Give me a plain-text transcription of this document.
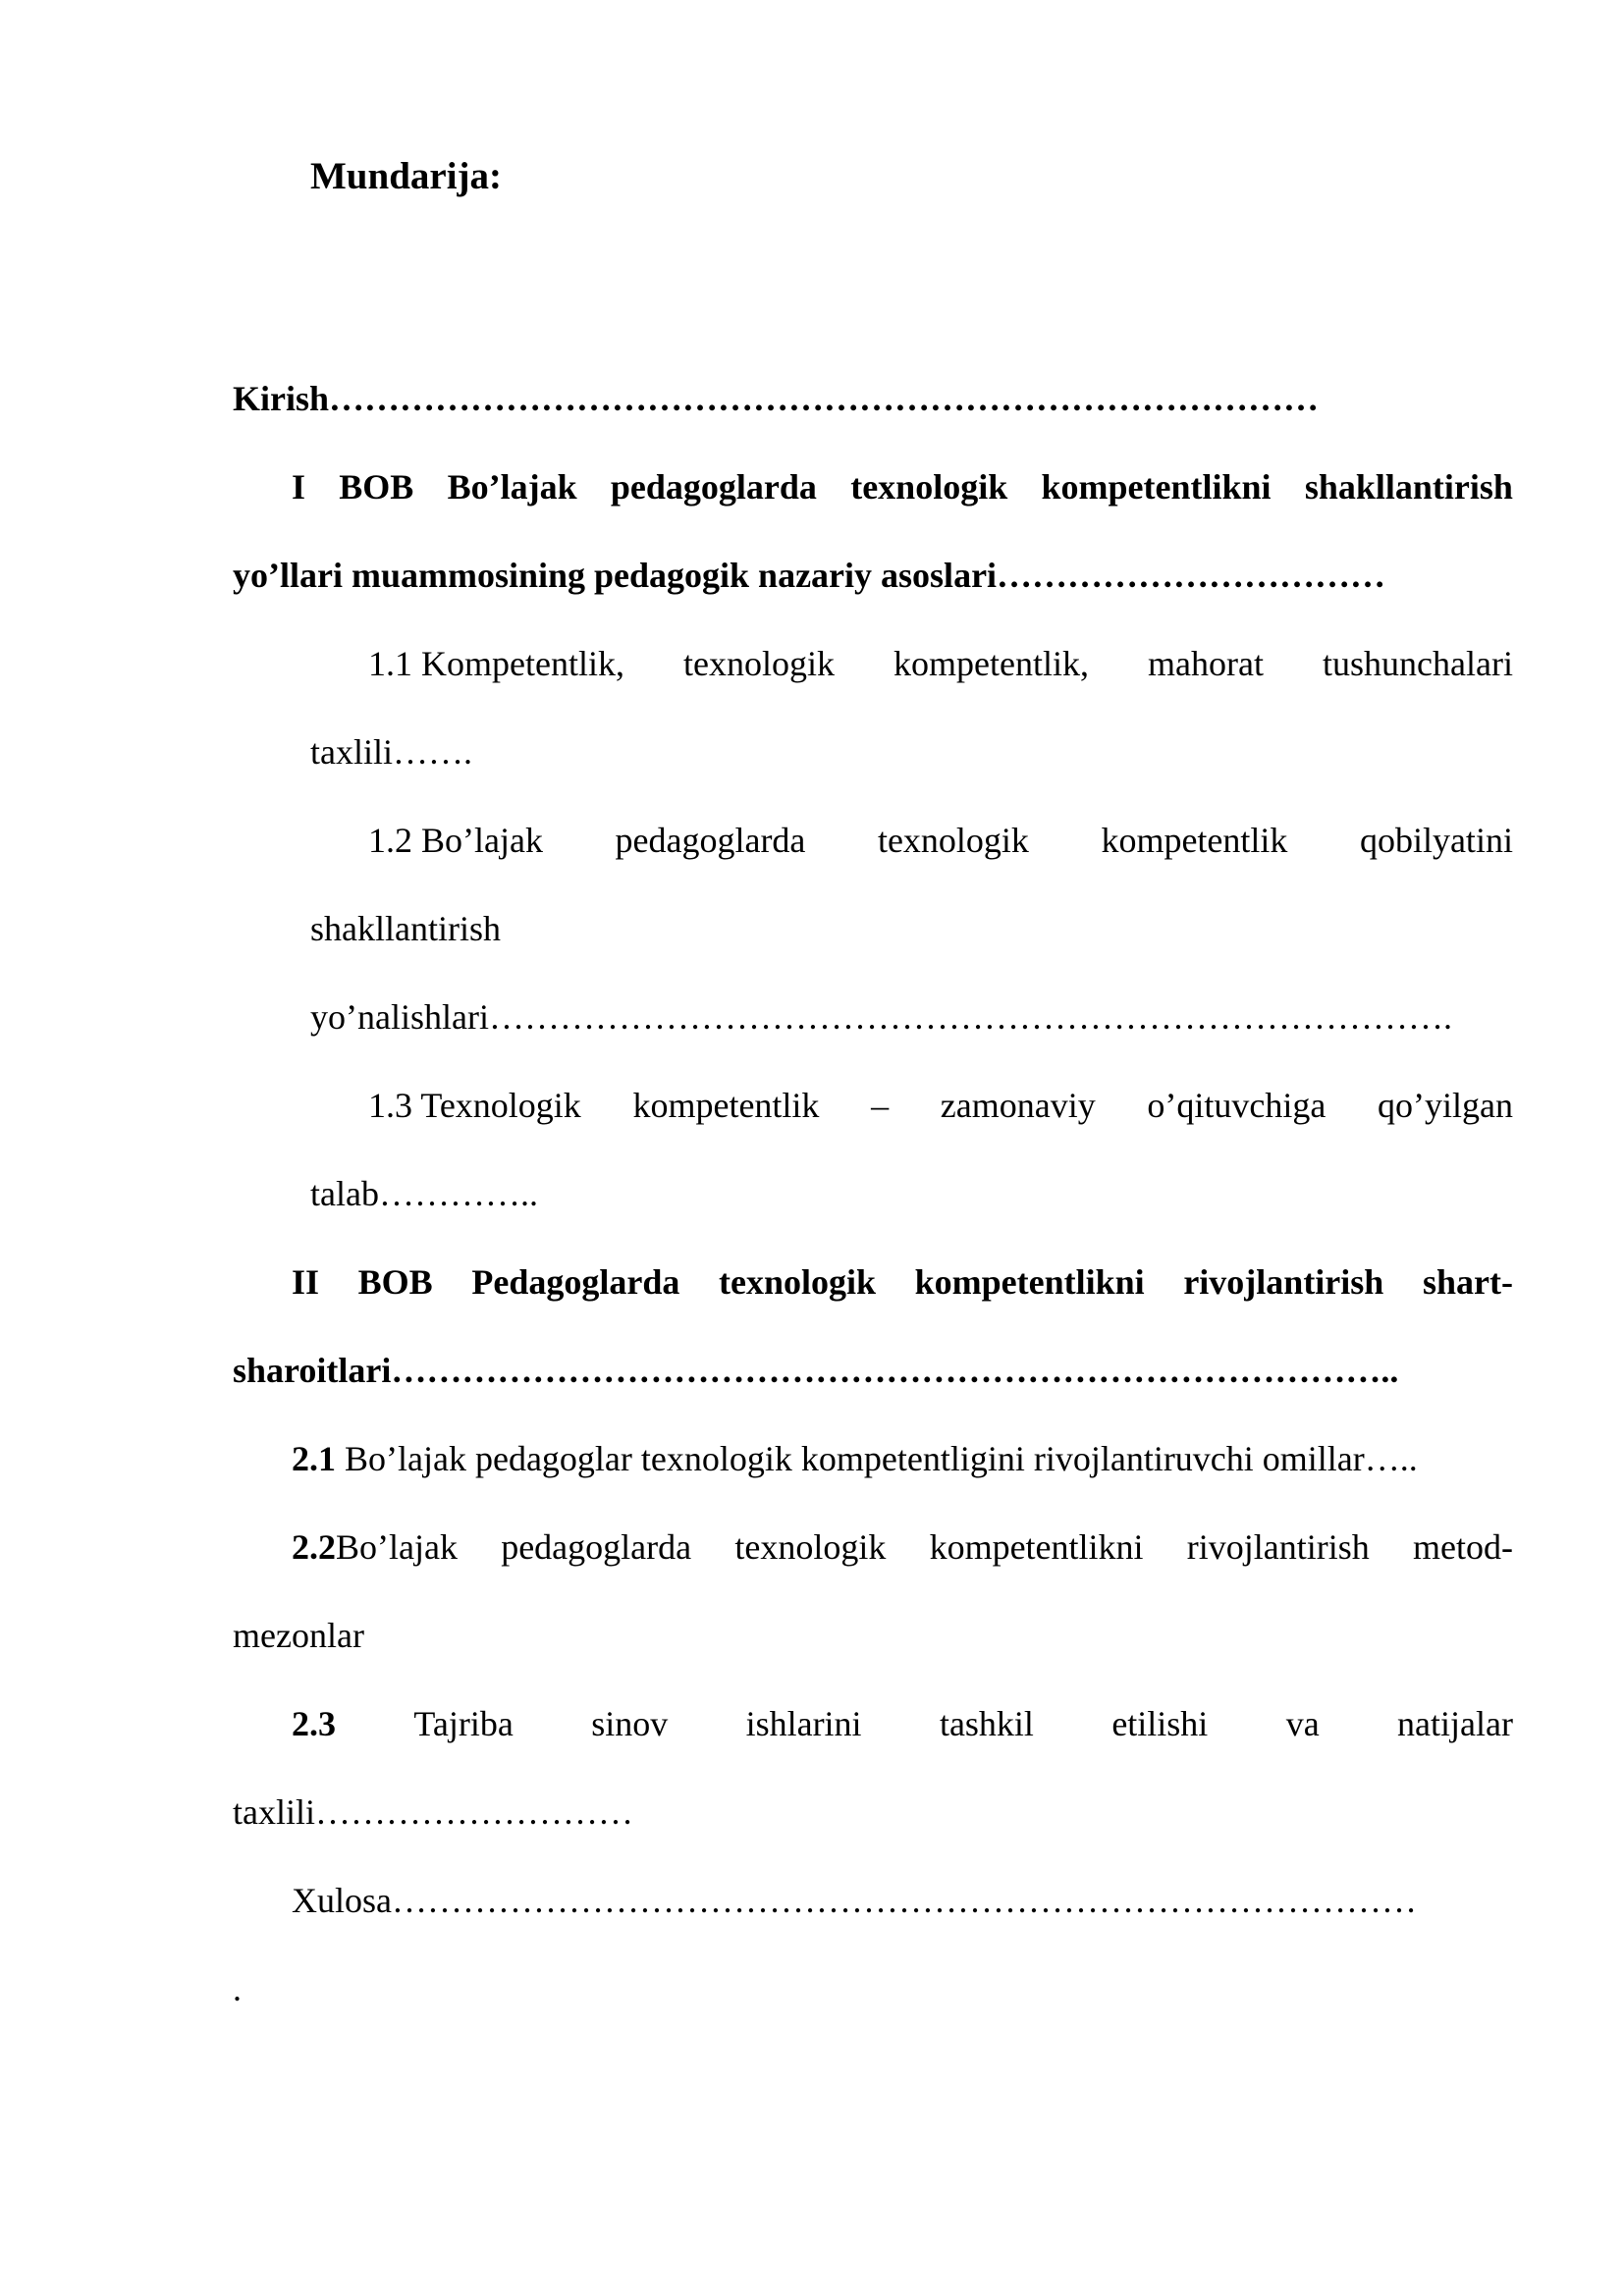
Mundarija:
Kirish…………………………………………………………………………
I BOB Bo’lajak pedagoglarda texnologik kompetentlikni shakllantirish
yo’llari muammosining pedagogik nazariy asoslari……………………………
1.1 Kompetentlik, texnologik kompetentlik, mahorat tushunchalari
taxlili…….
1.2 Bo’lajak pedagoglarda texnologik kompetentlik qobilyatini
shakllantirish
yo’nalishlari……………………………………………………………………….
1.3 Texnologik kompetentlik – zamonaviy o’qituvchiga qo’yilgan
talab…………..
II BOB Pedagoglarda texnologik kompetentlikni rivojlantirish shart-
sharoitlari…………………………………………………………………………..
2.1 Bo’lajak pedagoglar texnologik kompetentligini rivojlantiruvchi omillar…..
2.2Bo’lajak pedagoglarda texnologik kompetentlikni rivojlantirish metod-
mezonlar
2.3 Tajriba sinov ishlarini tashkil etilishi va natijalar
taxlili………………………
Xulosa……………………………………………………………………………
.
